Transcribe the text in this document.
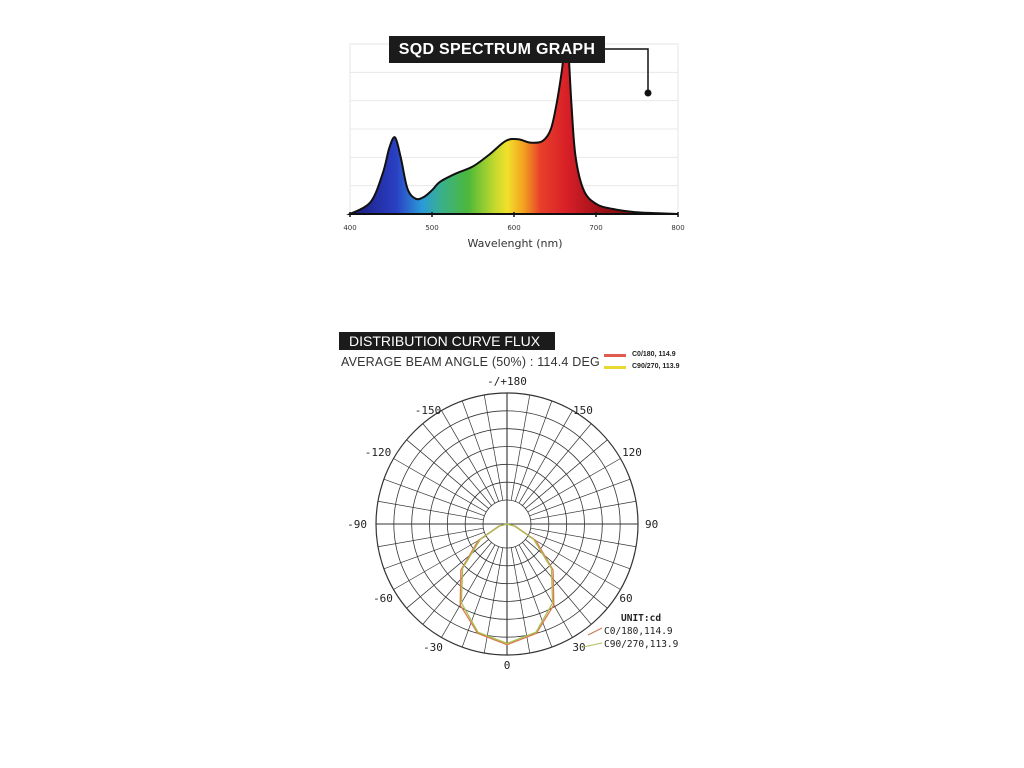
400	500	600	700	800
Wavelenght (nm)
SQD SPECTRUM GRAPH
DISTRIBUTION CURVE FLUX
AVERAGE BEAM ANGLE (50%) : 114.4 DEG
C0/180, 114.9
C90/270, 113.9
-/+180
150
120
90
60
30
0
-30
-60
-90
-120
-150
UNIT:cd
C0/180,114.9
C90/270,113.9
